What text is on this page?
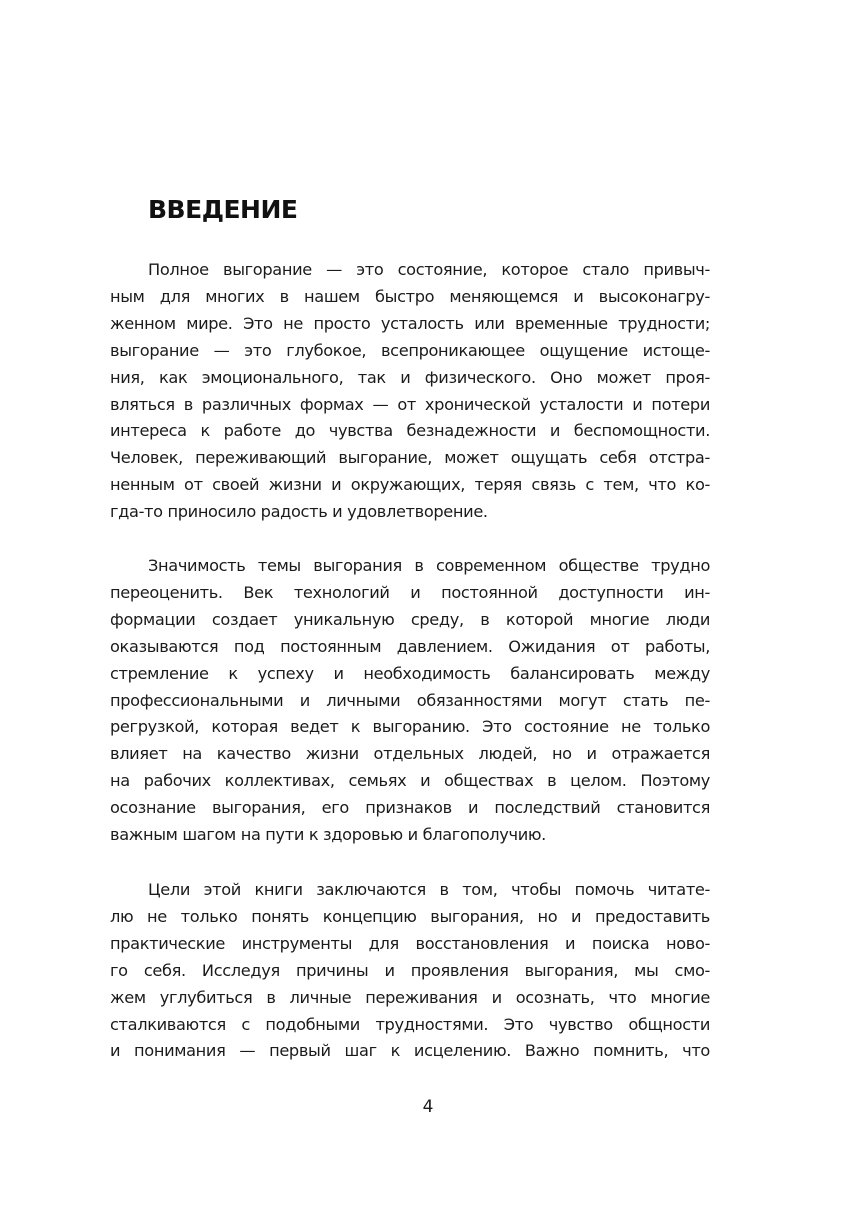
ВВЕДЕНИЕ

Полное выгорание — это состояние, которое стало привыч-
ным для многих в нашем быстро меняющемся и высоконагру-
женном мире. Это не просто усталость или временные трудности;
выгорание — это глубокое, всепроникающее ощущение истоще-
ния, как эмоционального, так и физического. Оно может проя-
вляться в различных формах — от хронической усталости и потери
интереса к работе до чувства безнадежности и беспомощности.
Человек, переживающий выгорание, может ощущать себя отстра-
ненным от своей жизни и окружающих, теряя связь с тем, что ко-
гда-то приносило радость и удовлетворение.

Значимость темы выгорания в современном обществе трудно
переоценить. Век технологий и постоянной доступности ин-
формации создает уникальную среду, в которой многие люди
оказываются под постоянным давлением. Ожидания от работы,
стремление к успеху и необходимость балансировать между
профессиональными и личными обязанностями могут стать пе-
регрузкой, которая ведет к выгоранию. Это состояние не только
влияет на качество жизни отдельных людей, но и отражается
на рабочих коллективах, семьях и обществах в целом. Поэтому
осознание выгорания, его признаков и последствий становится
важным шагом на пути к здоровью и благополучию.

Цели этой книги заключаются в том, чтобы помочь читате-
лю не только понять концепцию выгорания, но и предоставить
практические инструменты для восстановления и поиска ново-
го себя. Исследуя причины и проявления выгорания, мы смо-
жем углубиться в личные переживания и осознать, что многие
сталкиваются с подобными трудностями. Это чувство общности
и понимания — первый шаг к исцелению. Важно помнить, что

4
